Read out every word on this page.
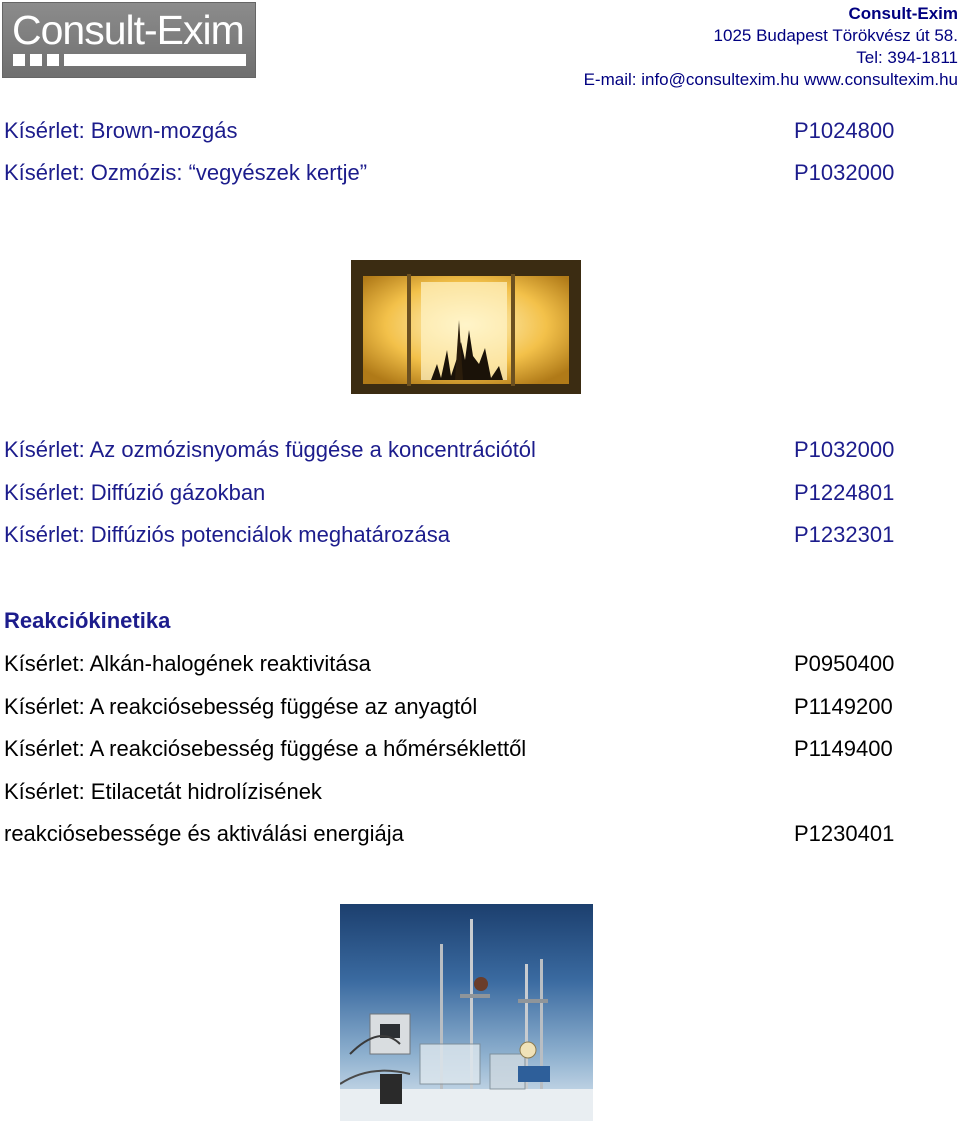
Consult-Exim	Consult-Exim
1025 Budapest Törökvész út 58.
Tel: 394-1811
E-mail: info@consultexim.hu www.consultexim.hu
Kísérlet: Brown-mozgás	P1024800
Kísérlet: Ozmózis: “vegyészek kertje”	P1032000
Kísérlet: Az ozmózisnyomás függése a koncentrációtól	P1032000
Kísérlet: Diffúzió gázokban	P1224801
Kísérlet: Diffúziós potenciálok meghatározása	P1232301
Reakciókinetika
Kísérlet: Alkán-halogének reaktivitása	P0950400
Kísérlet: A reakciósebesség függése az anyagtól	P1149200
Kísérlet: A reakciósebesség függése a hőmérséklettől	P1149400
Kísérlet: Etilacetát hidrolízisének
reakciósebessége és aktiválási energiája	P1230401
